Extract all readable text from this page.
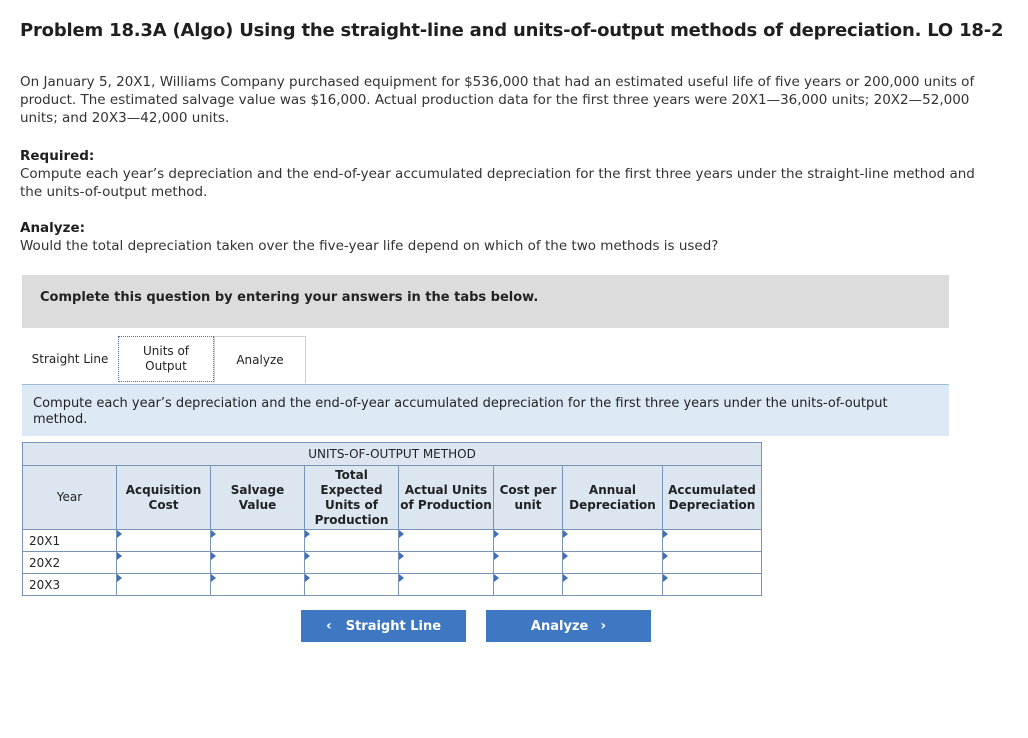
Problem 18.3A (Algo) Using the straight-line and units-of-output methods of depreciation. LO 18-2
On January 5, 20X1, Williams Company purchased equipment for $536,000 that had an estimated useful life of five years or 200,000 units of product. The estimated salvage value was $16,000. Actual production data for the first three years were 20X1—36,000 units; 20X2—52,000 units; and 20X3—42,000 units.
Required:
Compute each year’s depreciation and the end-of-year accumulated depreciation for the first three years under the straight-line method and the units-of-output method.
Analyze:
Would the total depreciation taken over the five-year life depend on which of the two methods is used?
Complete this question by entering your answers in the tabs below.
Straight Line
Units of Output	Analyze
Compute each year’s depreciation and the end-of-year accumulated depreciation for the first three years under the units-of-output method.
UNITS-OF-OUTPUT METHOD							
Year	Acquisition Cost	Salvage Value	Total Expected Units of Production	Actual Units of Production	Cost per unit	Annual Depreciation	Accumulated Depreciation
20X1	

20X2	

20X3	

‹ Straight Line	Analyze ›
